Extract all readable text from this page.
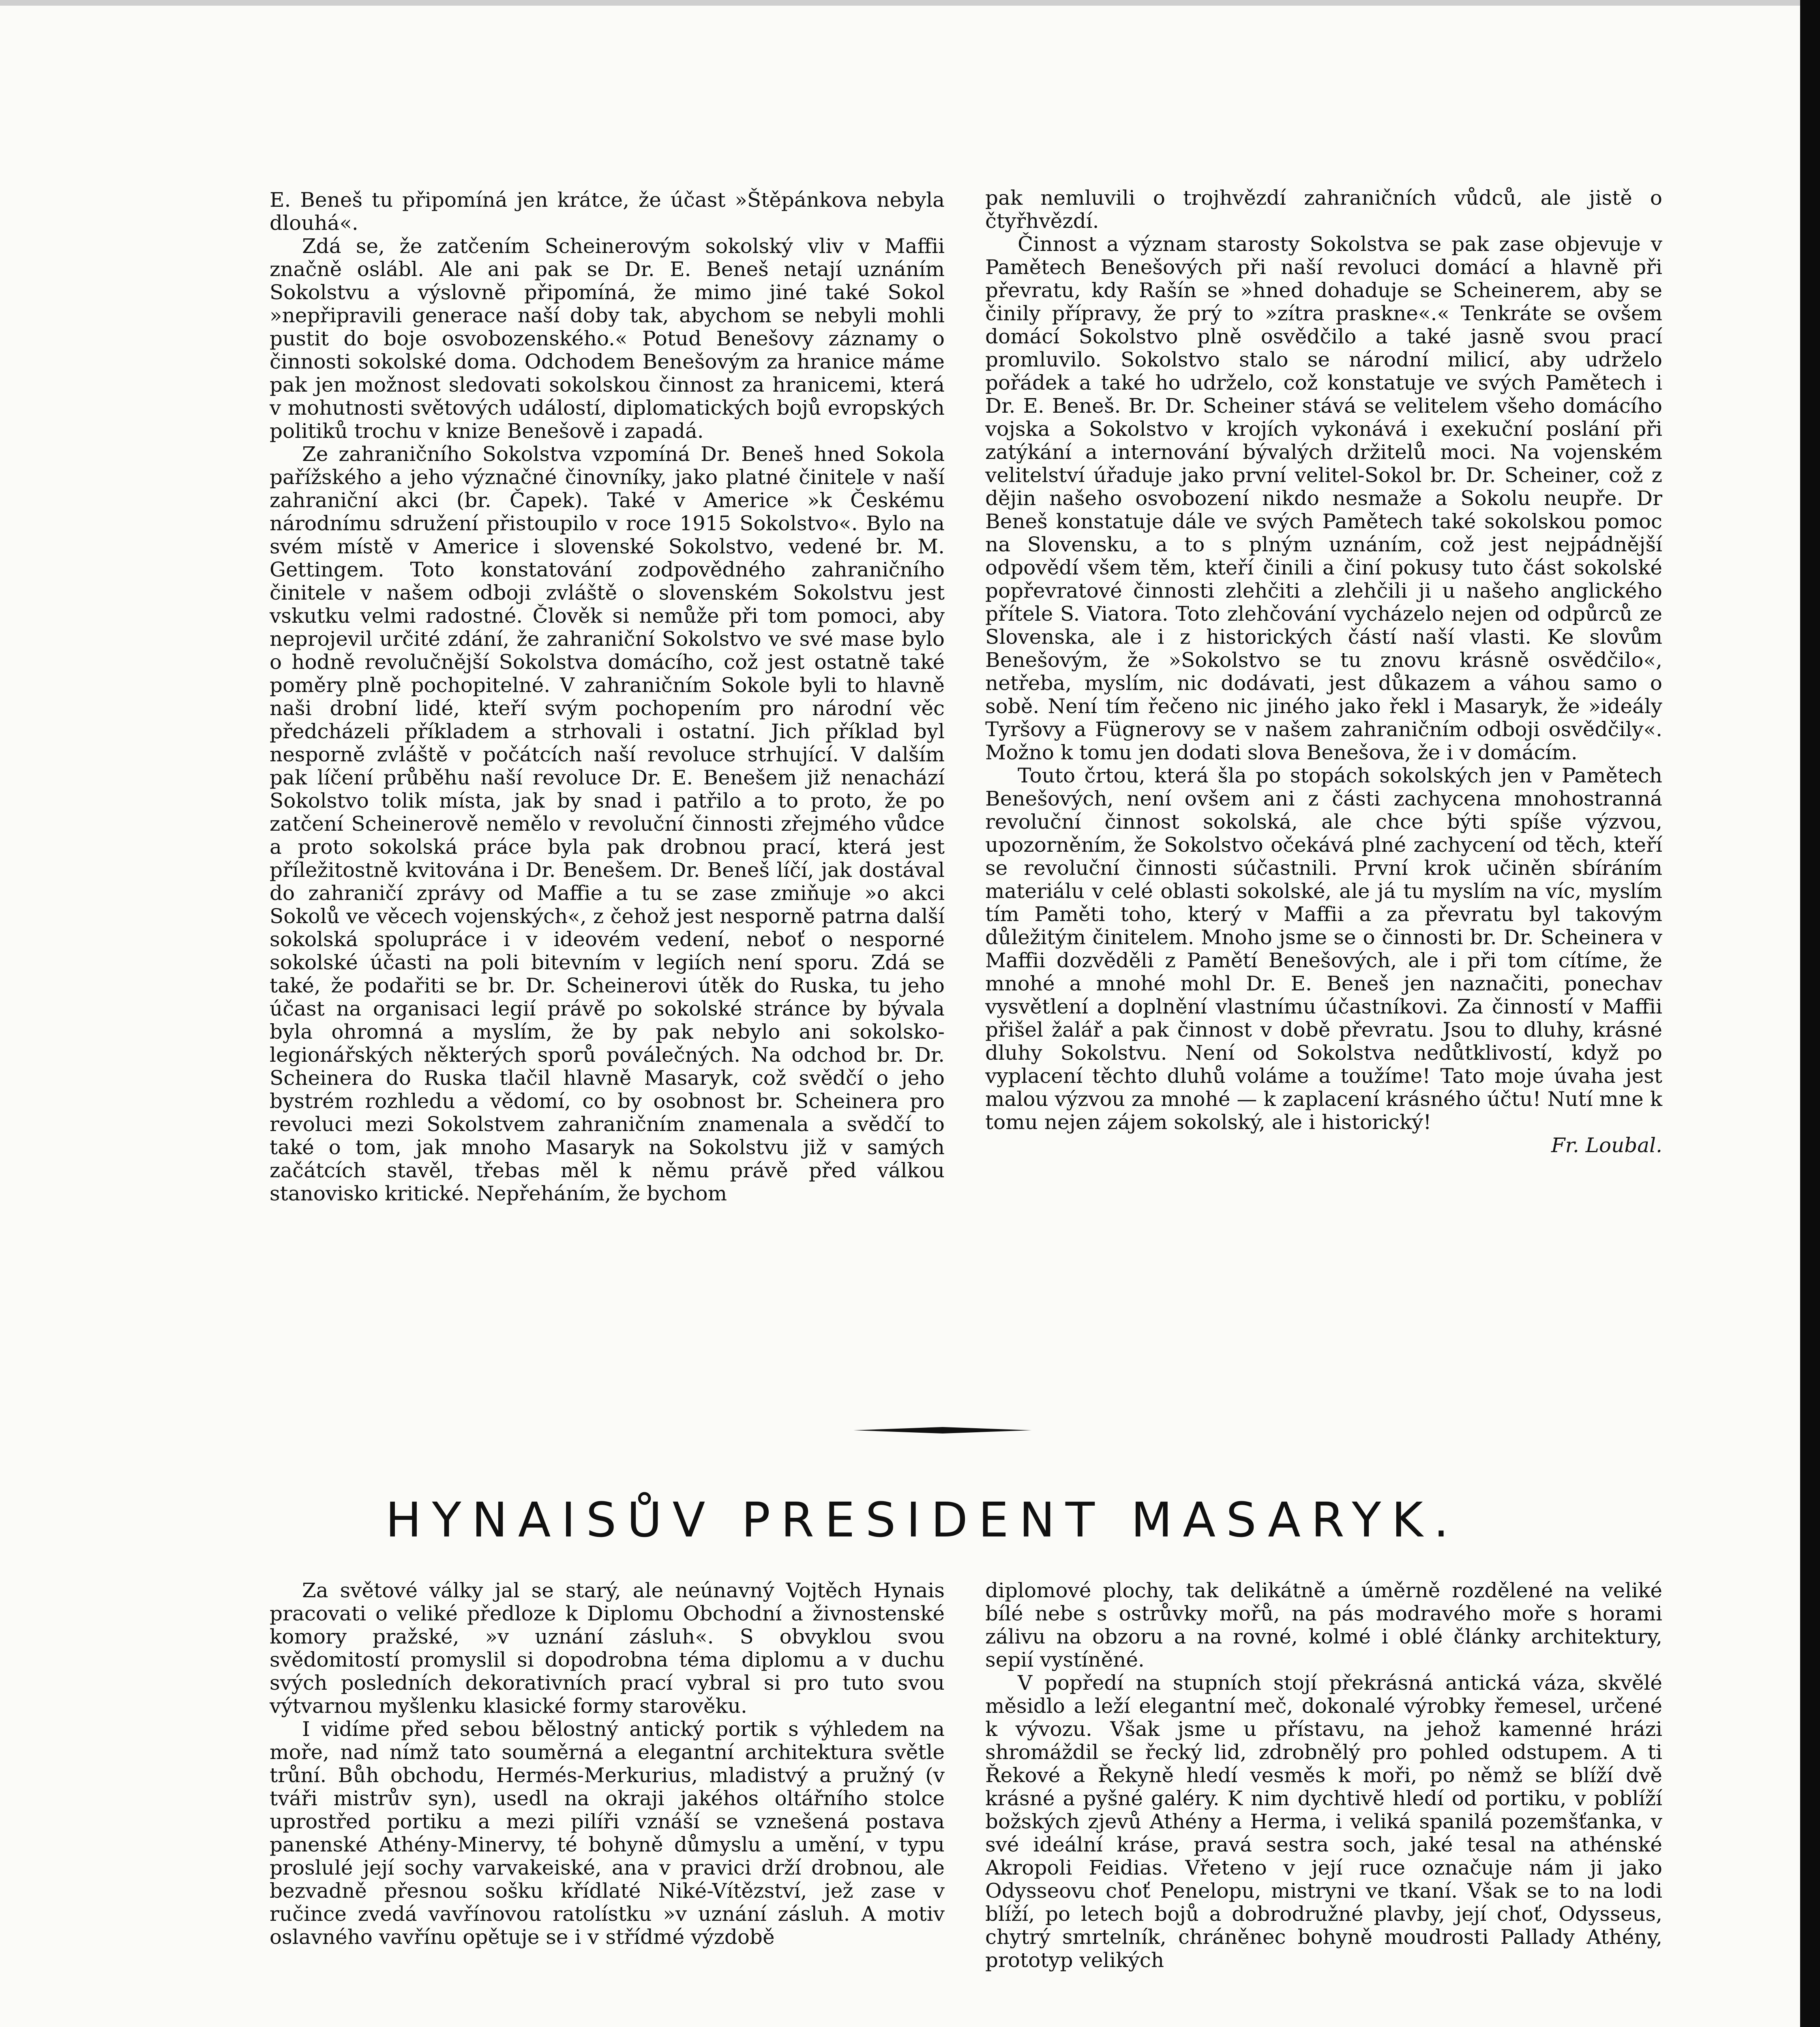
E. Beneš tu připomíná jen krátce, že účast »Štěpánkova nebyla dlouhá«.

Zdá se, že zatčením Scheinerovým sokolský vliv v Maffii značně oslábl. Ale ani pak se Dr. E. Beneš netají uznáním Sokolstvu a výslovně připomíná, že mimo jiné také Sokol »nepřipravili generace naší doby tak, abychom se nebyli mohli pustit do boje osvobozenského.« Potud Benešovy záznamy o činnosti sokolské doma. Odchodem Benešovým za hranice máme pak jen možnost sledovati sokolskou činnost za hranicemi, která v mohutnosti světových událostí, diplomatických bojů evropských politiků trochu v knize Benešově i zapadá.

Ze zahraničního Sokolstva vzpomíná Dr. Beneš hned Sokola pařížského a jeho význačné činovníky, jako platné činitele v naší zahraniční akci (br. Čapek). Také v Americe »k Českému národnímu sdružení přistoupilo v roce 1915 Sokolstvo«. Bylo na svém místě v Americe i slovenské Sokolstvo, vedené br. M. Gettingem. Toto konstatování zodpovědného zahraničního činitele v našem odboji zvláště o slovenském Sokolstvu jest vskutku velmi radostné. Člověk si nemůže při tom pomoci, aby neprojevil určité zdání, že zahraniční Sokolstvo ve své mase bylo o hodně revolučnější Sokolstva domácího, což jest ostatně také poměry plně pochopitelné. V zahraničním Sokole byli to hlavně naši drobní lidé, kteří svým pochopením pro národní věc předcházeli příkladem a strhovali i ostatní. Jich příklad byl nesporně zvláště v počátcích naší revoluce strhující. V dalším pak líčení průběhu naší revoluce Dr. E. Benešem již nenachází Sokolstvo tolik místa, jak by snad i patřilo a to proto, že po zatčení Scheinerově nemělo v revoluční činnosti zřejmého vůdce a proto sokolská práce byla pak drobnou prací, která jest příležitostně kvitována i Dr. Benešem. Dr. Beneš líčí, jak dostával do zahraničí zprávy od Maffie a tu se zase zmiňuje »o akci Sokolů ve věcech vojenských«, z čehož jest nesporně patrna další sokolská spolupráce i v ideovém vedení, neboť o nesporné sokolské účasti na poli bitevním v legiích není sporu. Zdá se také, že podařiti se br. Dr. Scheinerovi útěk do Ruska, tu jeho účast na organisaci legií právě po sokolské stránce by bývala byla ohromná a myslím, že by pak nebylo ani sokolsko-legionářských některých sporů poválečných. Na odchod br. Dr. Scheinera do Ruska tlačil hlavně Masaryk, což svědčí o jeho bystrém rozhledu a vědomí, co by osobnost br. Scheinera pro revoluci mezi Sokolstvem zahraničním znamenala a svědčí to také o tom, jak mnoho Masaryk na Sokolstvu již v samých začátcích stavěl, třebas měl k němu právě před válkou stanovisko kritické. Nepřeháním, že bychom

pak nemluvili o trojhvězdí zahraničních vůdců, ale jistě o čtyřhvězdí.

Činnost a význam starosty Sokolstva se pak zase objevuje v Pamětech Benešových při naší revoluci domácí a hlavně při převratu, kdy Rašín se »hned dohaduje se Scheinerem, aby se činily přípravy, že prý to »zítra praskne«.« Tenkráte se ovšem domácí Sokolstvo plně osvědčilo a také jasně svou prací promluvilo. Sokolstvo stalo se národní milicí, aby udrželo pořádek a také ho udrželo, což konstatuje ve svých Pamětech i Dr. E. Beneš. Br. Dr. Scheiner stává se velitelem všeho domácího vojska a Sokolstvo v krojích vykonává i exekuční poslání při zatýkání a internování bývalých držitelů moci. Na vojenském velitelství úřaduje jako první velitel-Sokol br. Dr. Scheiner, což z dějin našeho osvobození nikdo nesmaže a Sokolu neupře. Dr Beneš konstatuje dále ve svých Pamětech také sokolskou pomoc na Slovensku, a to s plným uznáním, což jest nejpádnější odpovědí všem těm, kteří činili a činí pokusy tuto část sokolské popřevratové činnosti zlehčiti a zlehčili ji u našeho anglického přítele S. Viatora. Toto zlehčování vycházelo nejen od odpůrců ze Slovenska, ale i z historických částí naší vlasti. Ke slovům Benešovým, že »Sokolstvo se tu znovu krásně osvědčilo«, netřeba, myslím, nic dodávati, jest důkazem a váhou samo o sobě. Není tím řečeno nic jiného jako řekl i Masaryk, že »ideály Tyršovy a Fügnerovy se v našem zahraničním odboji osvědčily«. Možno k tomu jen dodati slova Benešova, že i v domácím.

Touto črtou, která šla po stopách sokolských jen v Pamětech Benešových, není ovšem ani z části zachycena mnohostranná revoluční činnost sokolská, ale chce býti spíše výzvou, upozorněním, že Sokolstvo očekává plné zachycení od těch, kteří se revoluční činnosti súčastnili. První krok učiněn sbíráním materiálu v celé oblasti sokolské, ale já tu myslím na víc, myslím tím Paměti toho, který v Maffii a za převratu byl takovým důležitým činitelem. Mnoho jsme se o činnosti br. Dr. Scheinera v Maffii dozvěděli z Pamětí Benešových, ale i při tom cítíme, že mnohé a mnohé mohl Dr. E. Beneš jen naznačiti, ponechav vysvětlení a doplnění vlastnímu účastníkovi. Za činností v Maffii přišel žalář a pak činnost v době převratu. Jsou to dluhy, krásné dluhy Sokolstvu. Není od Sokolstva nedůtklivostí, když po vyplacení těchto dluhů voláme a toužíme! Tato moje úvaha jest malou výzvou za mnohé — k zaplacení krásného účtu! Nutí mne k tomu nejen zájem sokolský, ale i historický!

Fr. Loubal.

HYNAISŮV PRESIDENT MASARYK.

Za světové války jal se starý, ale neúnavný Vojtěch Hynais pracovati o veliké předloze k Diplomu Obchodní a živnostenské komory pražské, »v uznání zásluh«. S obvyklou svou svědomitostí promyslil si dopodrobna téma diplomu a v duchu svých posledních dekorativních prací vybral si pro tuto svou výtvarnou myšlenku klasické formy starověku.

I vidíme před sebou bělostný antický portik s výhledem na moře, nad nímž tato souměrná a elegantní architektura světle trůní. Bůh obchodu, Hermés-Merkurius, mladistvý a pružný (v tváři mistrův syn), usedl na okraji jakéhos oltářního stolce uprostřed portiku a mezi pilíři vznáší se vznešená postava panenské Athény-Minervy, té bohyně důmyslu a umění, v typu proslulé její sochy varvakeiské, ana v pravici drží drobnou, ale bezvadně přesnou sošku křídlaté Niké-Vítězství, jež zase v ručince zvedá vavřínovou ratolístku »v uznání zásluh. A motiv oslavného vavřínu opětuje se i v střídmé výzdobě

diplomové plochy, tak delikátně a úměrně rozdělené na veliké bílé nebe s ostrůvky mořů, na pás modravého moře s horami zálivu na obzoru a na rovné, kolmé i oblé články architektury, sepií vystíněné.

V popředí na stupních stojí překrásná antická váza, skvělé měsidlo a leží elegantní meč, dokonalé výrobky řemesel, určené k vývozu. Však jsme u přístavu, na jehož kamenné hrázi shromáždil se řecký lid, zdrobnělý pro pohled odstupem. A ti Řekové a Řekyně hledí vesměs k moři, po němž se blíží dvě krásné a pyšné galéry. K nim dychtivě hledí od portiku, v poblíží božských zjevů Athény a Herma, i veliká spanilá pozemšťanka, v své ideální kráse, pravá sestra soch, jaké tesal na athénské Akropoli Feidias. Vřeteno v její ruce označuje nám ji jako Odysseovu choť Penelopu, mistryni ve tkaní. Však se to na lodi blíží, po letech bojů a dobrodružné plavby, její choť, Odysseus, chytrý smrtelník, chráněnec bohyně moudrosti Pallady Athény, prototyp velikých
